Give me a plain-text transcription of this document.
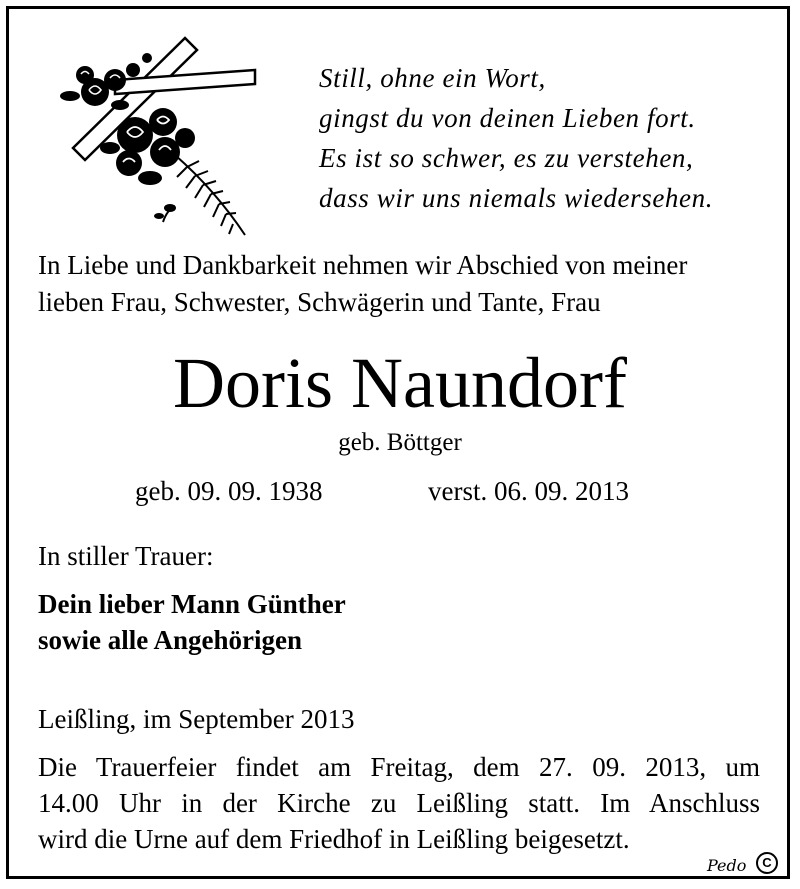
Still, ohne ein Wort,
gingst du von deinen Lieben fort.
Es ist so schwer, es zu verstehen,
dass wir uns niemals wiedersehen.
In Liebe und Dankbarkeit nehmen wir Abschied von meiner
lieben Frau, Schwester, Schwägerin und Tante, Frau
Doris Naundorf
geb. Böttger
geb. 09. 09. 1938	verst. 06. 09. 2013
In stiller Trauer:
Dein lieber Mann Günther
sowie alle Angehörigen
Leißling, im September 2013
Die Trauerfeier findet am Freitag, dem 27. 09. 2013, um
14.00 Uhr in der Kirche zu Leißling statt. Im Anschluss
wird die Urne auf dem Friedhof in Leißling beigesetzt.
Pedo	C
